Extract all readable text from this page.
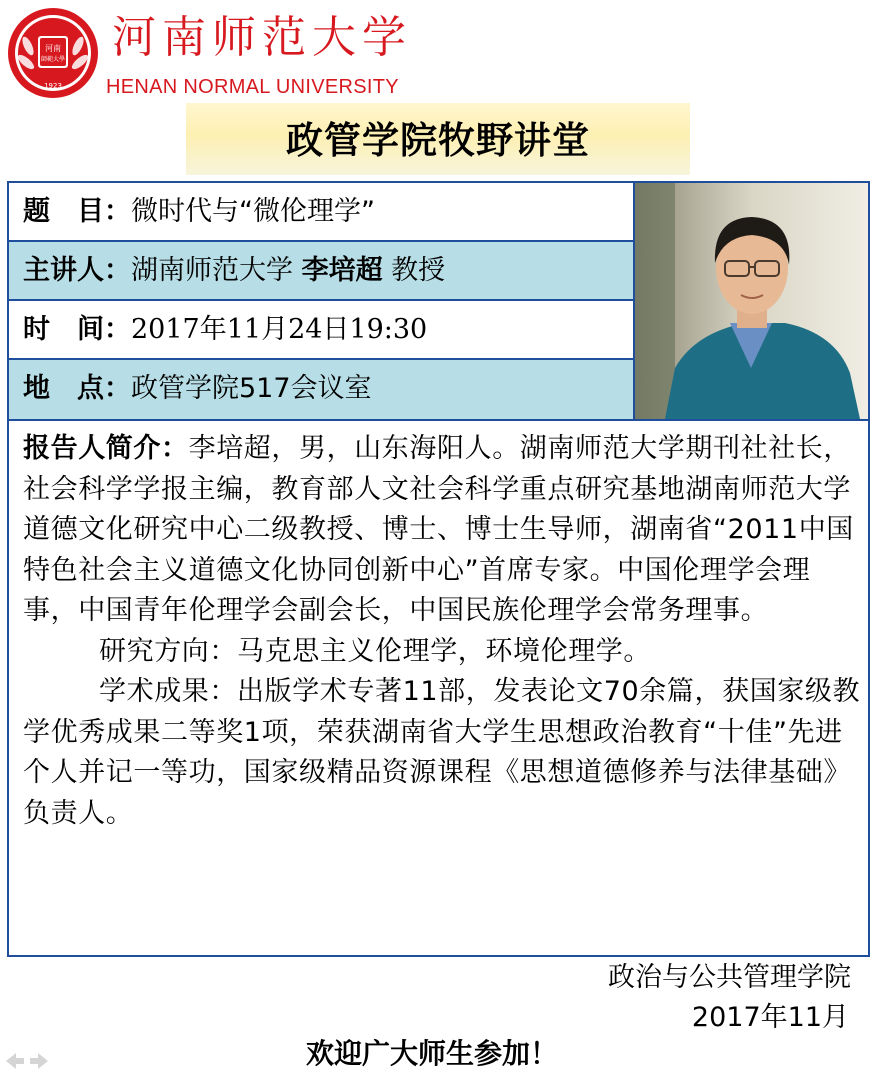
河南
師範大學
1923
河南师范大学
HENAN NORMAL UNIVERSITY
政管学院牧野讲堂
题　目：微时代与“微伦理学”
主讲人：湖南师范大学 李培超 教授
时　间：2017年11月24日19:30
地　点：政管学院517会议室

报告人简介：李培超，男，山东海阳人。湖南师范大学期刊社社长，社会科学学报主编，教育部人文社会科学重点研究基地湖南师范大学道德文化研究中心二级教授、博士、博士生导师，湖南省“2011中国特色社会主义道德文化协同创新中心”首席专家。中国伦理学会理事，中国青年伦理学会副会长，中国民族伦理学会常务理事。

研究方向：马克思主义伦理学，环境伦理学。

学术成果：出版学术专著11部，发表论文70余篇，获国家级教学优秀成果二等奖1项，荣获湖南省大学生思想政治教育“十佳”先进个人并记一等功，国家级精品资源课程《思想道德修养与法律基础》负责人。

政治与公共管理学院
2017年11月
欢迎广大师生参加！
